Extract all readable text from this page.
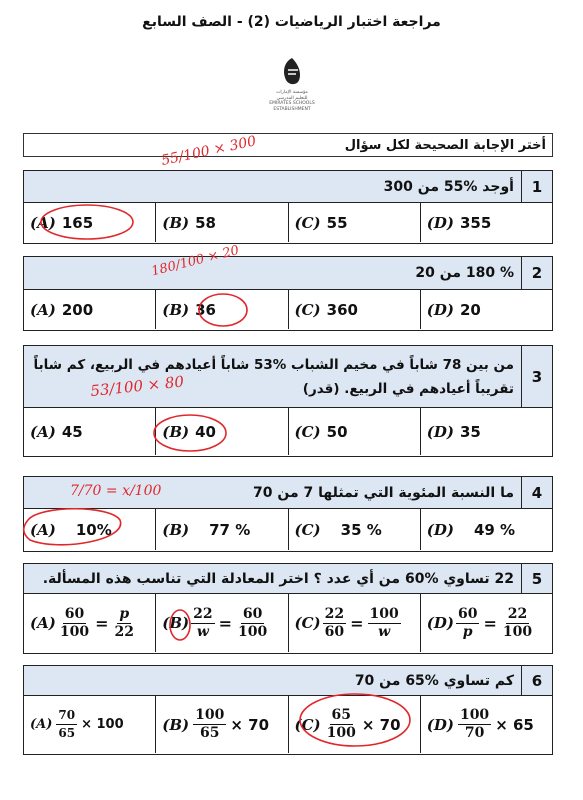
مراجعة اختبار الرياضيات (2) - الصف السابع
مؤسسة الإمارات
للتعليم المدرسي
EMIRATES SCHOOLS
ESTABLISHMENT
أختر الإجابة الصحيحة لكل سؤال
أوجد %55 من 300	1
(A) 165	(B) 58	(C) 55	(D) 355
% 180 من 20	2
(A) 200	(B) 36	(C) 360	(D) 20
من بين 78 شاباً في مخيم الشباب %53 شاباً أعيادهم في الربيع، كم شاباً تقريباً أعيادهم في الربيع. (قدر)
3
(A) 45	(B) 40	(C) 50	(D) 35
ما النسبة المئوية التي تمثلها 7 من 70	4
(A) 10%	(B) 77 %	(C) 35 %	(D) 49 %
22 تساوي %60 من أي عدد ؟ اختر المعادلة التي تناسب هذه المسألة.	5
$(A) \frac{60}{100} = \frac{p}{22} (B) \frac{22}{w} = \frac{60}{100} (C) \frac{22}{60} = \frac{100}{w} (D) \frac{60}{p} = \frac{22}{100}$
كم تساوي %65 من 70	6
$(A) \frac{70}{65} \times 100$	$(B) \frac{100}{65} \times 70$ $(C) \frac{65}{100} \times 70$ $(D) \frac{100}{70} \times 65$
55/100 × 300
180/100 × 20
53/100 × 80
7/70 = x/100
